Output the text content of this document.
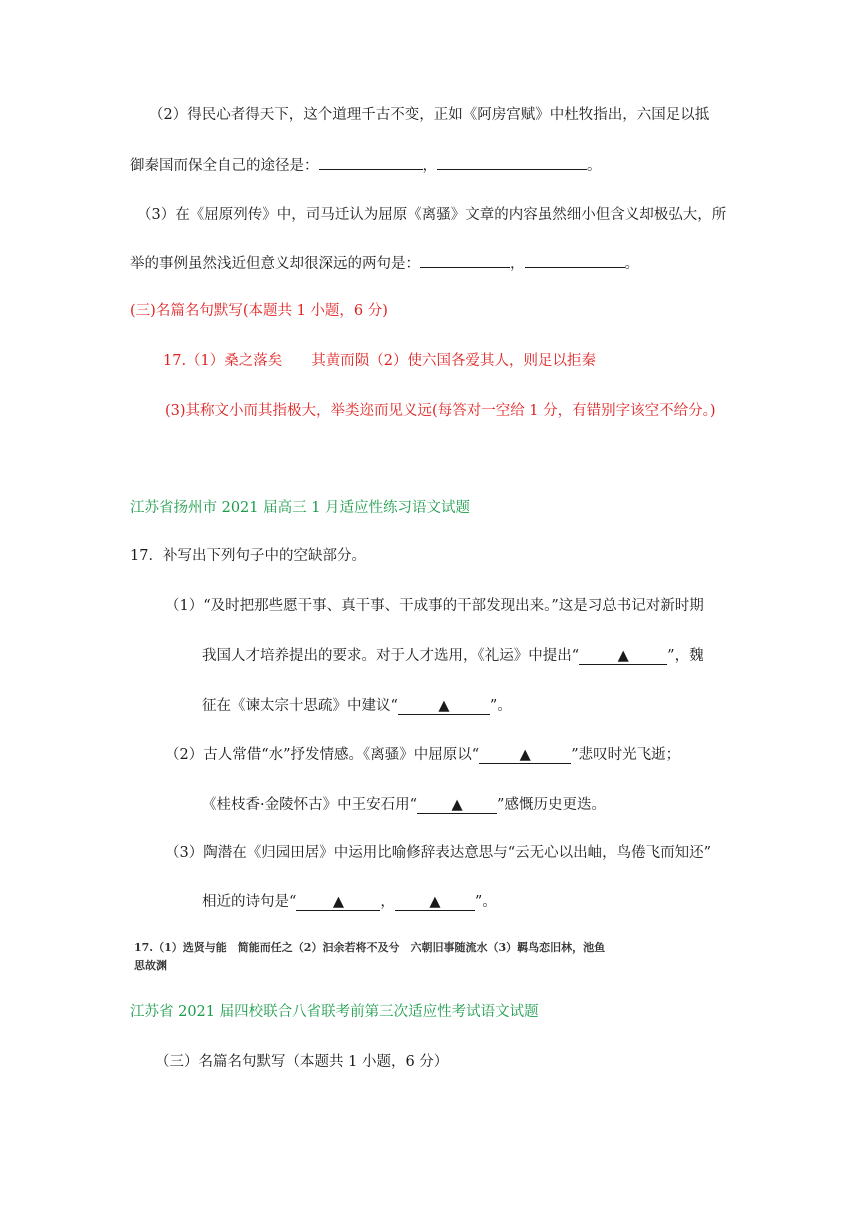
（2）得民心者得天下，这个道理千古不变，正如《阿房宫赋》中杜牧指出，六国足以抵
御秦国而保全自己的途径是：	，	。
（3）在《屈原列传》中，司马迁认为屈原《离骚》文章的内容虽然细小但含义却极弘大，所
举的事例虽然浅近但意义却很深远的两句是：	，	。
(三)名篇名句默写(本题共 1 小题，6 分)
17.（1）桑之落矣　　其黄而陨（2）使六国各爱其人，则足以拒秦
(3)其称文小而其指极大，举类迩而见义远(每答对一空给 1 分，有错别字该空不给分。)
江苏省扬州市 2021 届高三 1 月适应性练习语文试题
17．补写出下列句子中的空缺部分。
（1）“及时把那些愿干事、真干事、干成事的干部发现出来。”这是习总书记对新时期
我国人才培养提出的要求。对于人才选用，《礼运》中提出“	▲	”，魏
征在《谏太宗十思疏》中建议“	▲	”。
（2）古人常借“水”抒发情感。《离骚》中屈原以“	▲	”悲叹时光飞逝；
《桂枝香·金陵怀古》中王安石用“ ▲ ”感慨历史更迭。
（3）陶潜在《归园田居》中运用比喻修辞表达意思与“云无心以出岫，鸟倦飞而知还”
相近的诗句是“	▲	， ▲ ”。
17.（1）选贤与能　简能而任之（2）汩余若将不及兮　六朝旧事随流水（3）羁鸟恋旧林，池鱼
思故渊
江苏省 2021 届四校联合八省联考前第三次适应性考试语文试题
（三）名篇名句默写（本题共 1 小题，6 分）
